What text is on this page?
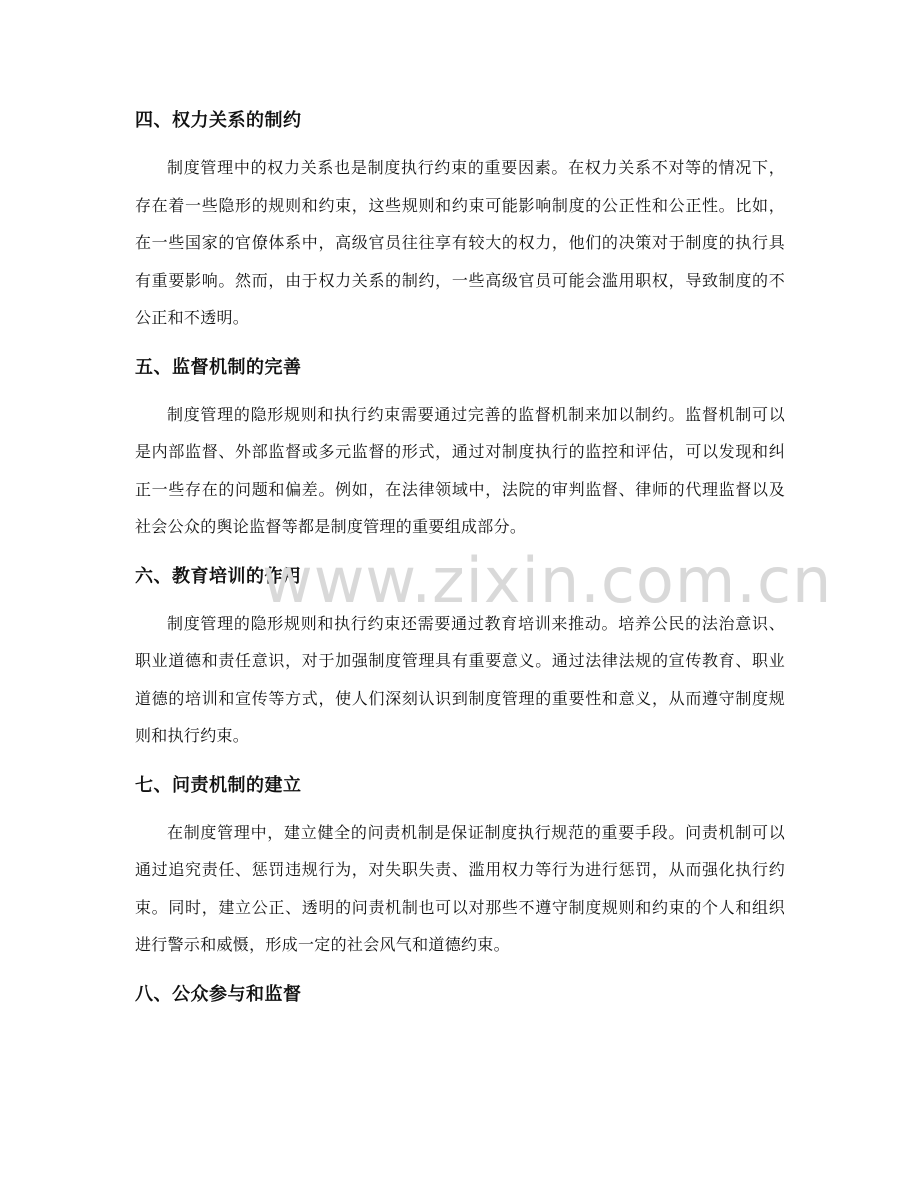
四、权力关系的制约

制度管理中的权力关系也是制度执行约束的重要因素。在权力关系不对等的情况下，存在着一些隐形的规则和约束，这些规则和约束可能影响制度的公正性和公正性。比如，在一些国家的官僚体系中，高级官员往往享有较大的权力，他们的决策对于制度的执行具有重要影响。然而，由于权力关系的制约，一些高级官员可能会滥用职权，导致制度的不公正和不透明。

五、监督机制的完善

制度管理的隐形规则和执行约束需要通过完善的监督机制来加以制约。监督机制可以是内部监督、外部监督或多元监督的形式，通过对制度执行的监控和评估，可以发现和纠正一些存在的问题和偏差。例如，在法律领域中，法院的审判监督、律师的代理监督以及社会公众的舆论监督等都是制度管理的重要组成部分。

六、教育培训的作用

制度管理的隐形规则和执行约束还需要通过教育培训来推动。培养公民的法治意识、职业道德和责任意识，对于加强制度管理具有重要意义。通过法律法规的宣传教育、职业道德的培训和宣传等方式，使人们深刻认识到制度管理的重要性和意义，从而遵守制度规则和执行约束。

七、问责机制的建立

在制度管理中，建立健全的问责机制是保证制度执行规范的重要手段。问责机制可以通过追究责任、惩罚违规行为，对失职失责、滥用权力等行为进行惩罚，从而强化执行约束。同时，建立公正、透明的问责机制也可以对那些不遵守制度规则和约束的个人和组织进行警示和威慑，形成一定的社会风气和道德约束。

八、公众参与和监督
www.zixin.com.cn
